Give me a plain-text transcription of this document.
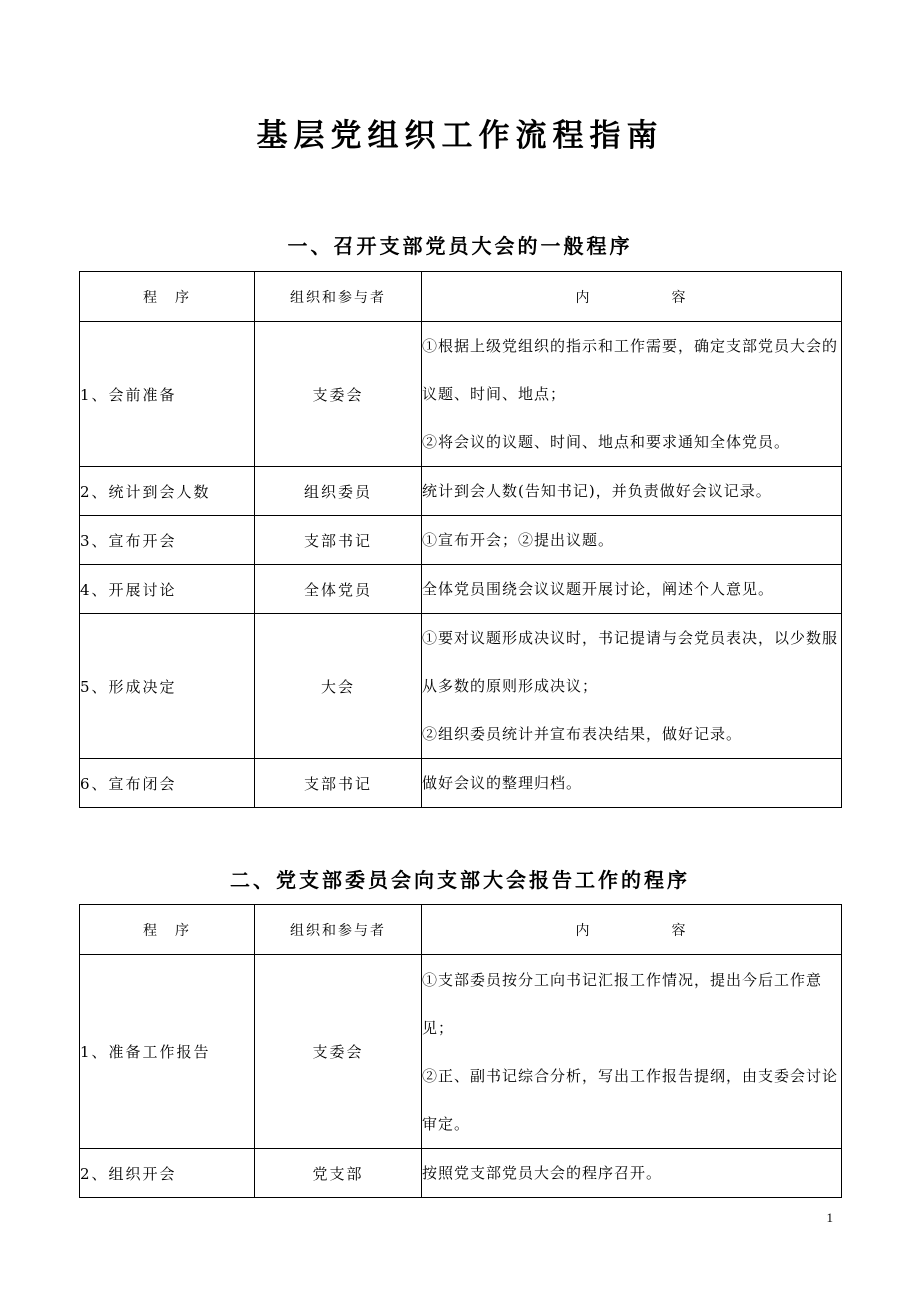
基层党组织工作流程指南
一、召开支部党员大会的一般程序
程　序	组织和参与者	内　　　　　容
1、会前准备	支委会	①根据上级党组织的指示和工作需要，确定支部党员大会的议题、时间、地点；
②将会议的议题、时间、地点和要求通知全体党员。

2、统计到会人数	组织委员	统计到会人数(告知书记)，并负责做好会议记录。

3、宣布开会	支部书记	①宣布开会；②提出议题。

4、开展讨论	全体党员	全体党员围绕会议议题开展讨论，阐述个人意见。

5、形成决定	大会	①要对议题形成决议时，书记提请与会党员表决，以少数服从多数的原则形成决议；
②组织委员统计并宣布表决结果，做好记录。

6、宣布闭会	支部书记	做好会议的整理归档。
二、党支部委员会向支部大会报告工作的程序
程　序	组织和参与者	内　　　　　容
1、准备工作报告	支委会	①支部委员按分工向书记汇报工作情况，提出今后工作意见；
②正、副书记综合分析，写出工作报告提纲，由支委会讨论审定。

2、组织开会	党支部	按照党支部党员大会的程序召开。
1
